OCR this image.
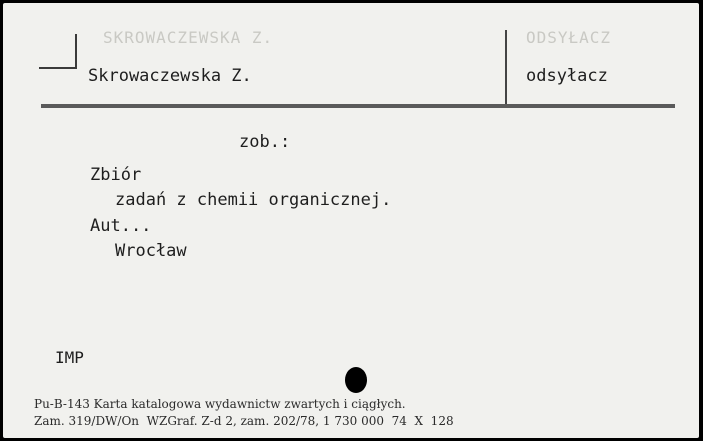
SKROWACZEWSKA Z.	ODSYŁACZ
Skrowaczewska Z.	odsyłacz
zob.:
Zbiór
zadań z chemii organicznej.
Aut...
Wrocław
IMP
Pu-B-143 Karta katalogowa wydawnictw zwartych i ciągłych.
Zam. 319/DW/On  WZGraf. Z-d 2, zam. 202/78, 1 730 000  74  X  128
